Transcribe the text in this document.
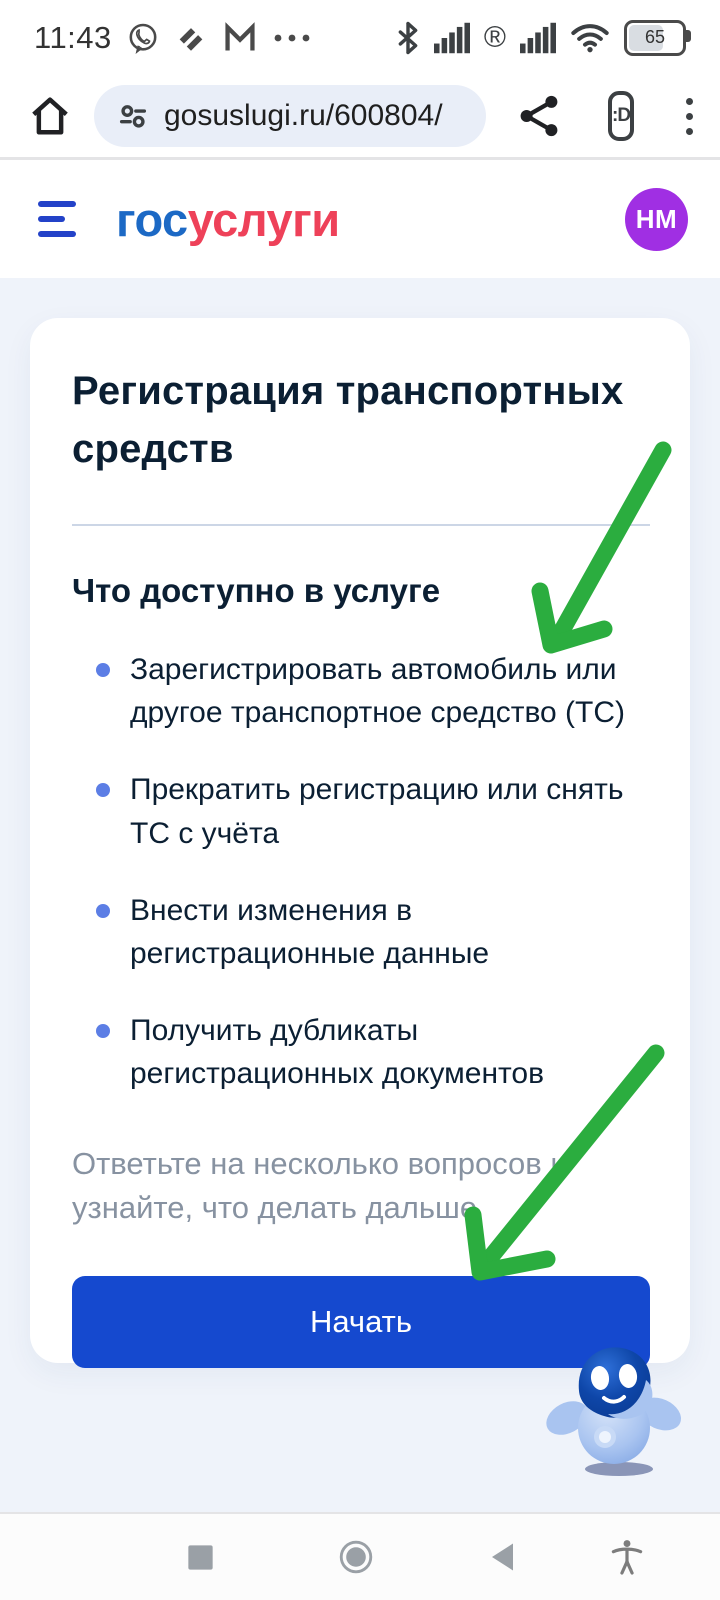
11:43	®	65
gosuslugi.ru/600804/	:D
госуслуги	НМ
Регистрация транспортных средств
Что доступно в услуге
Зарегистрировать автомобиль или другое транспортное средство (ТС)
Прекратить регистрацию или снять ТС с учёта
Внести изменения в регистрационные данные
Получить дубликаты регистрационных документов

Ответьте на несколько вопросов и узнайте, что делать дальше

Начать
